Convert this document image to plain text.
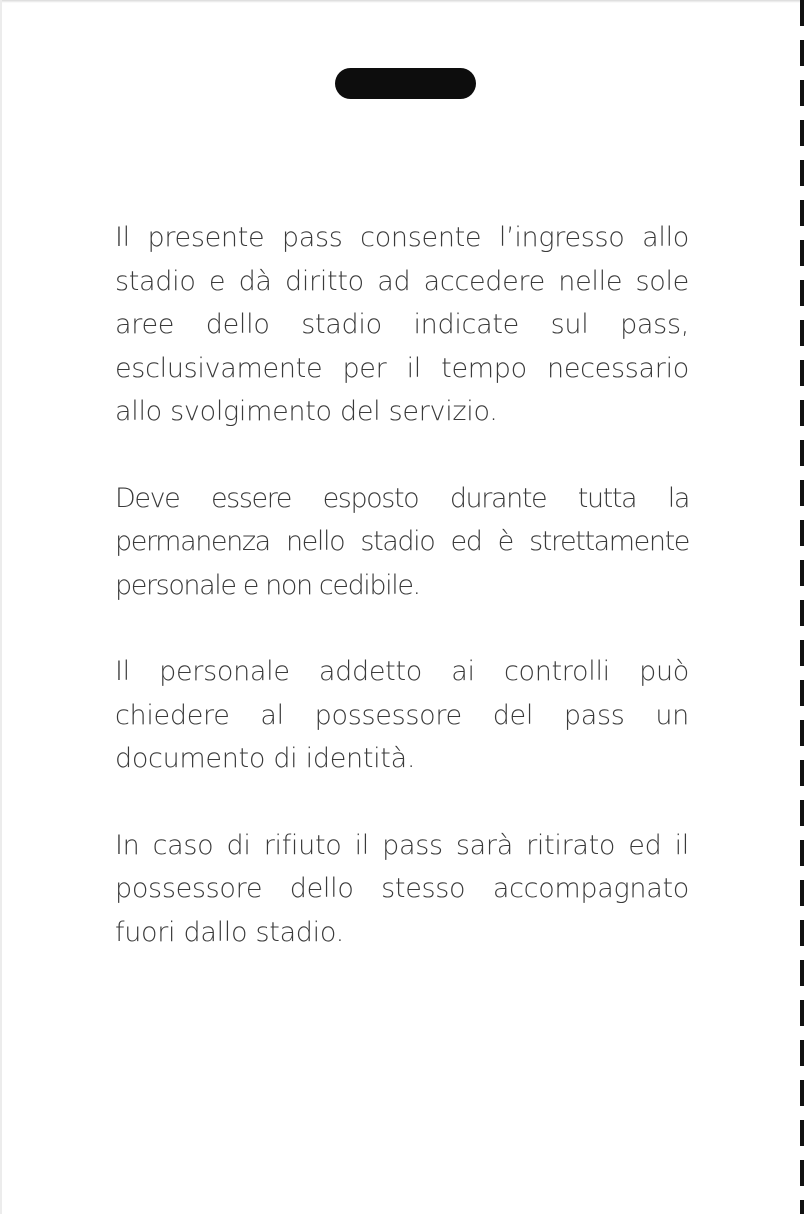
Il presente pass consente l’ingresso allo stadio e dà diritto ad accedere nelle sole aree dello stadio indicate sul pass, esclusivamente per il tempo necessario allo svolgimento del servizio.

Deve essere esposto durante tutta la permanenza nello stadio ed è strettamente personale e non cedibile.

Il personale addetto ai controlli può chiedere al possessore del pass un documento di identità.

In caso di rifiuto il pass sarà ritirato ed il possessore dello stesso accompagnato fuori dallo stadio.
